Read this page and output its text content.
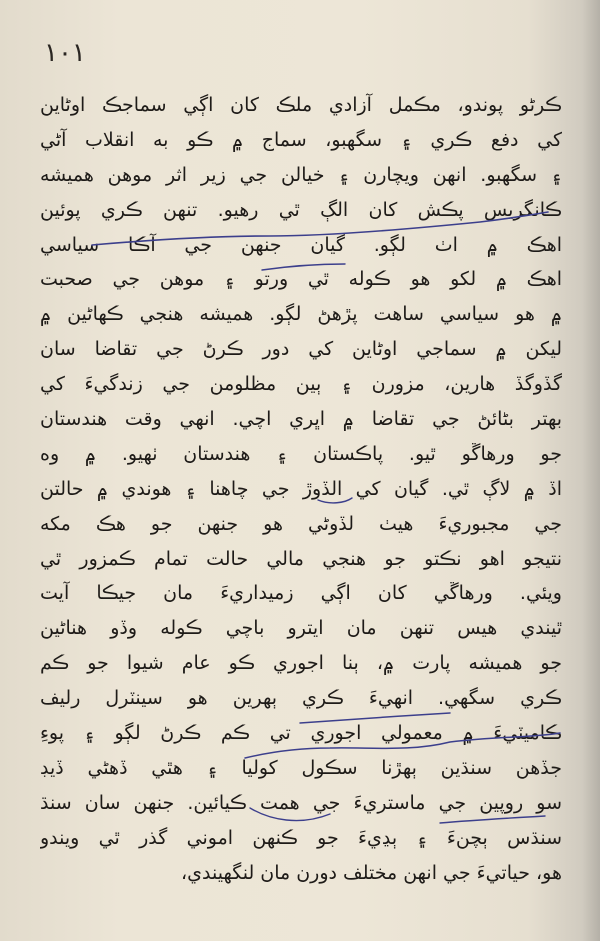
١٠١
ڪرڻو پوندو، مڪمل آزادي ملڪ کان اڳي سماجڪ اوڻاين
کي دفع ڪري ۽ سگهبو، سماج ۾ ڪو به انقلاب آڻي
۽ سگهبو. انهن ويچارن ۽ خيالن جي زير اثر موهن هميشه
ڪانگريس پڪش کان الڳ ٿي رهيو. تنهن ڪري پوئين
اهڪ ۾ اٺ لڳو. گيان جنهن جي آڪا سياسي
اهڪ ۾ لکو هو ڪوله ٿي ورتو ۽ موهن جي صحبت
۾ هو سياسي ساهت پڙهڻ لڳو. هميشه هنجي ڪهاڻين ۾
ليکن ۾ سماجي اوڻاين کي دور ڪرڻ جي تقاضا سان
گڏوگڏ هارين، مزورن ۽ ٻين مظلومن جي زندگيءَ کي
بهتر بڻائڻ جي تقاضا ۾ اڀري اچي. انهي وقت هندستان
جو ورهاڱو ٿيو. پاڪستان ۽ هندستان ٺهيو. ۾ وه
اڏ ۾ لاڳ ٿي. گيان کي الڏوڙ جي چاهنا ۽ هوندي ۾ حالتن
جي مجبوريءَ هيٺ لڏوڻي هو جنهن جو هڪ مکه
نتيجو اهو نڪتو جو هنجي مالي حالت تمام ڪمزور ٿي
ويئي. ورهاڱي کان اڳي زميداريءَ مان جيڪا آيت
ٿيندي هيس تنهن مان ايترو باچي ڪوله وڏو هناڻين
جو هميشه پارت ۾، ٻنا اجوري ڪو عام شيوا جو ڪم
ڪري سگهي. انهيءَ ڪري ٻهرين هو سينٽرل رليف
ڪاميٽيءَ ۾ معمولي اجوري تي ڪم ڪرڻ لڳو ۽ پوءِ
جڏهن سنڌين ٻهڙنا سڪول کوليا ۽ هٿي ڏهڻي ڏيڊ
سو روپين جي ماستريءَ جي همت ڪيائين. جنهن سان سنڌ
سنڌس ٻچنءَ ۽ ٻڍيءَ جو ڪنهن اموني گذر ٿي ويندو
هو، حياتيءَ جي انهن مختلف دورن مان لنگهيندي،
